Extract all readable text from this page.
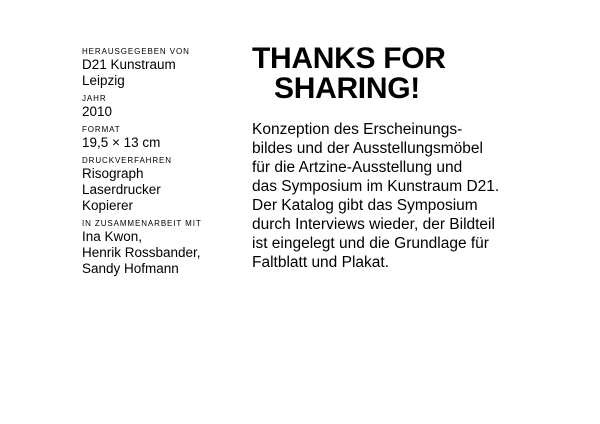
HERAUSGEGEBEN VON
D21 Kunstraum
Leipzig
JAHR
2010
FORMAT
19,5 × 13 cm
DRUCKVERFAHREN
Risograph
Laserdrucker
Kopierer
IN ZUSAMMENARBEIT MIT
Ina Kwon,
Henrik Rossbander,
Sandy Hofmann
THANKS FOR
SHARING!

Konzeption des Erscheinungs-
bildes und der Ausstellungsmöbel
für die Artzine-Ausstellung und
das Symposium im Kunstraum D21.
Der Katalog gibt das Symposium
durch Interviews wieder, der Bildteil
ist eingelegt und die Grundlage für
Faltblatt und Plakat.
